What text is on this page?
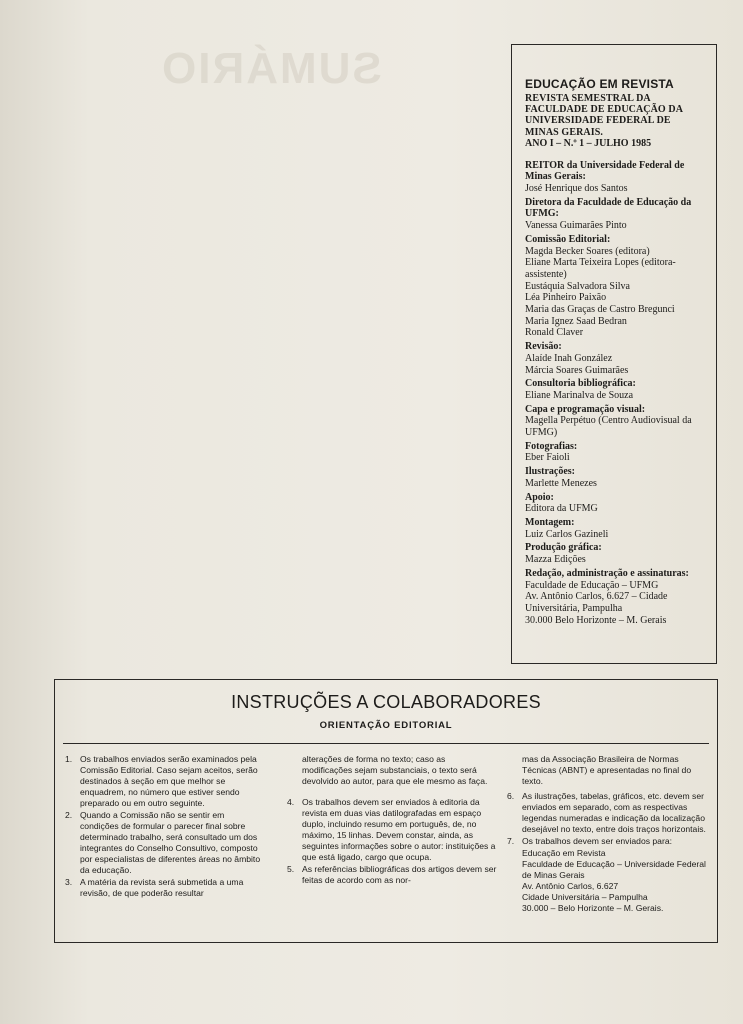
SUMÁRIO	EDUCAÇÃO EM REVISTA
REVISTA SEMESTRAL DA
FACULDADE DE EDUCAÇÃO DA
UNIVERSIDADE FEDERAL DE
MINAS GERAIS.
ANO I – N.º 1 – JULHO 1985
REITOR da Universidade Federal de Minas Gerais:
José Henrique dos Santos
Diretora da Faculdade de Educação da UFMG:
Vanessa Guimarães Pinto
Comissão Editorial:
Magda Becker Soares (editora)
Eliane Marta Teixeira Lopes (editora-assistente)
Eustáquia Salvadora Silva
Léa Pinheiro Paixão
Maria das Graças de Castro Bregunci
Maria Ignez Saad Bedran
Ronald Claver
Revisão:
Alaíde Inah González
Márcia Soares Guimarães
Consultoria bibliográfica:
Eliane Marinalva de Souza
Capa e programação visual:
Magella Perpétuo (Centro Audiovisual da UFMG)
Fotografias:
Eber Faioli
Ilustrações:
Marlette Menezes
Apoio:
Editora da UFMG
Montagem:
Luiz Carlos Gazineli
Produção gráfica:
Mazza Edições
Redação, administração e assinaturas:
Faculdade de Educação – UFMG
Av. Antônio Carlos, 6.627 – Cidade Universitária, Pampulha
30.000 Belo Horizonte – M. Gerais
INSTRUÇÕES A COLABORADORES
ORIENTAÇÃO EDITORIAL
1. Os trabalhos enviados serão examinados pela Comissão Editorial. Caso sejam aceitos, serão destinados à seção em que melhor se enquadrem, no número que estiver sendo preparado ou em outro seguinte.
2. Quando a Comissão não se sentir em condições de formular o parecer final sobre determinado trabalho, será consultado um dos integrantes do Conselho Consultivo, composto por especialistas de diferentes áreas no âmbito da educação.
3. A matéria da revista será submetida a uma revisão, de que poderão resultar
alterações de forma no texto; caso as modificações sejam substanciais, o texto será devolvido ao autor, para que ele mesmo as faça.
4. Os trabalhos devem ser enviados à editoria da revista em duas vias datilografadas em espaço duplo, incluindo resumo em português, de, no máximo, 15 linhas. Devem constar, ainda, as seguintes informações sobre o autor: instituições a que está ligado, cargo que ocupa.
5. As referências bibliográficas dos artigos devem ser feitas de acordo com as nor-
mas da Associação Brasileira de Normas Técnicas (ABNT) e apresentadas no final do texto.
6. As ilustrações, tabelas, gráficos, etc. devem ser enviados em separado, com as respectivas legendas numeradas e indicação da localização desejável no texto, entre dois traços horizontais.
7. Os trabalhos devem ser enviados para:
Educação em Revista
Faculdade de Educação – Universidade Federal de Minas Gerais
Av. Antônio Carlos, 6.627
Cidade Universitária – Pampulha
30.000 – Belo Horizonte – M. Gerais.
